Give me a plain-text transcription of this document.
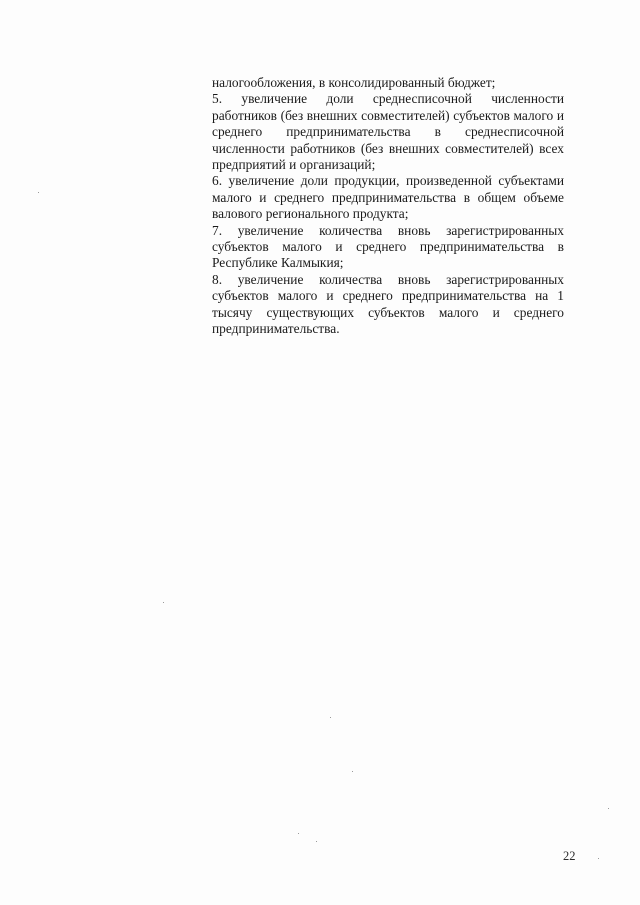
налогообложения, в консолидированный бюджет;

5. увеличение доли среднесписочной численности работников (без внешних совместителей) субъектов малого и среднего предпринимательства в среднесписочной численности работников (без внешних совместителей) всех предприятий и организаций;

6. увеличение доли продукции, произведенной субъектами малого и среднего предпринимательства в общем объеме валового регионального продукта;

7. увеличение количества вновь зарегистрированных субъектов малого и среднего предпринимательства в Республике Калмыкия;

8. увеличение количества вновь зарегистрированных субъектов малого и среднего предпринимательства на 1 тысячу существующих субъектов малого и среднего предпринимательства.

22
